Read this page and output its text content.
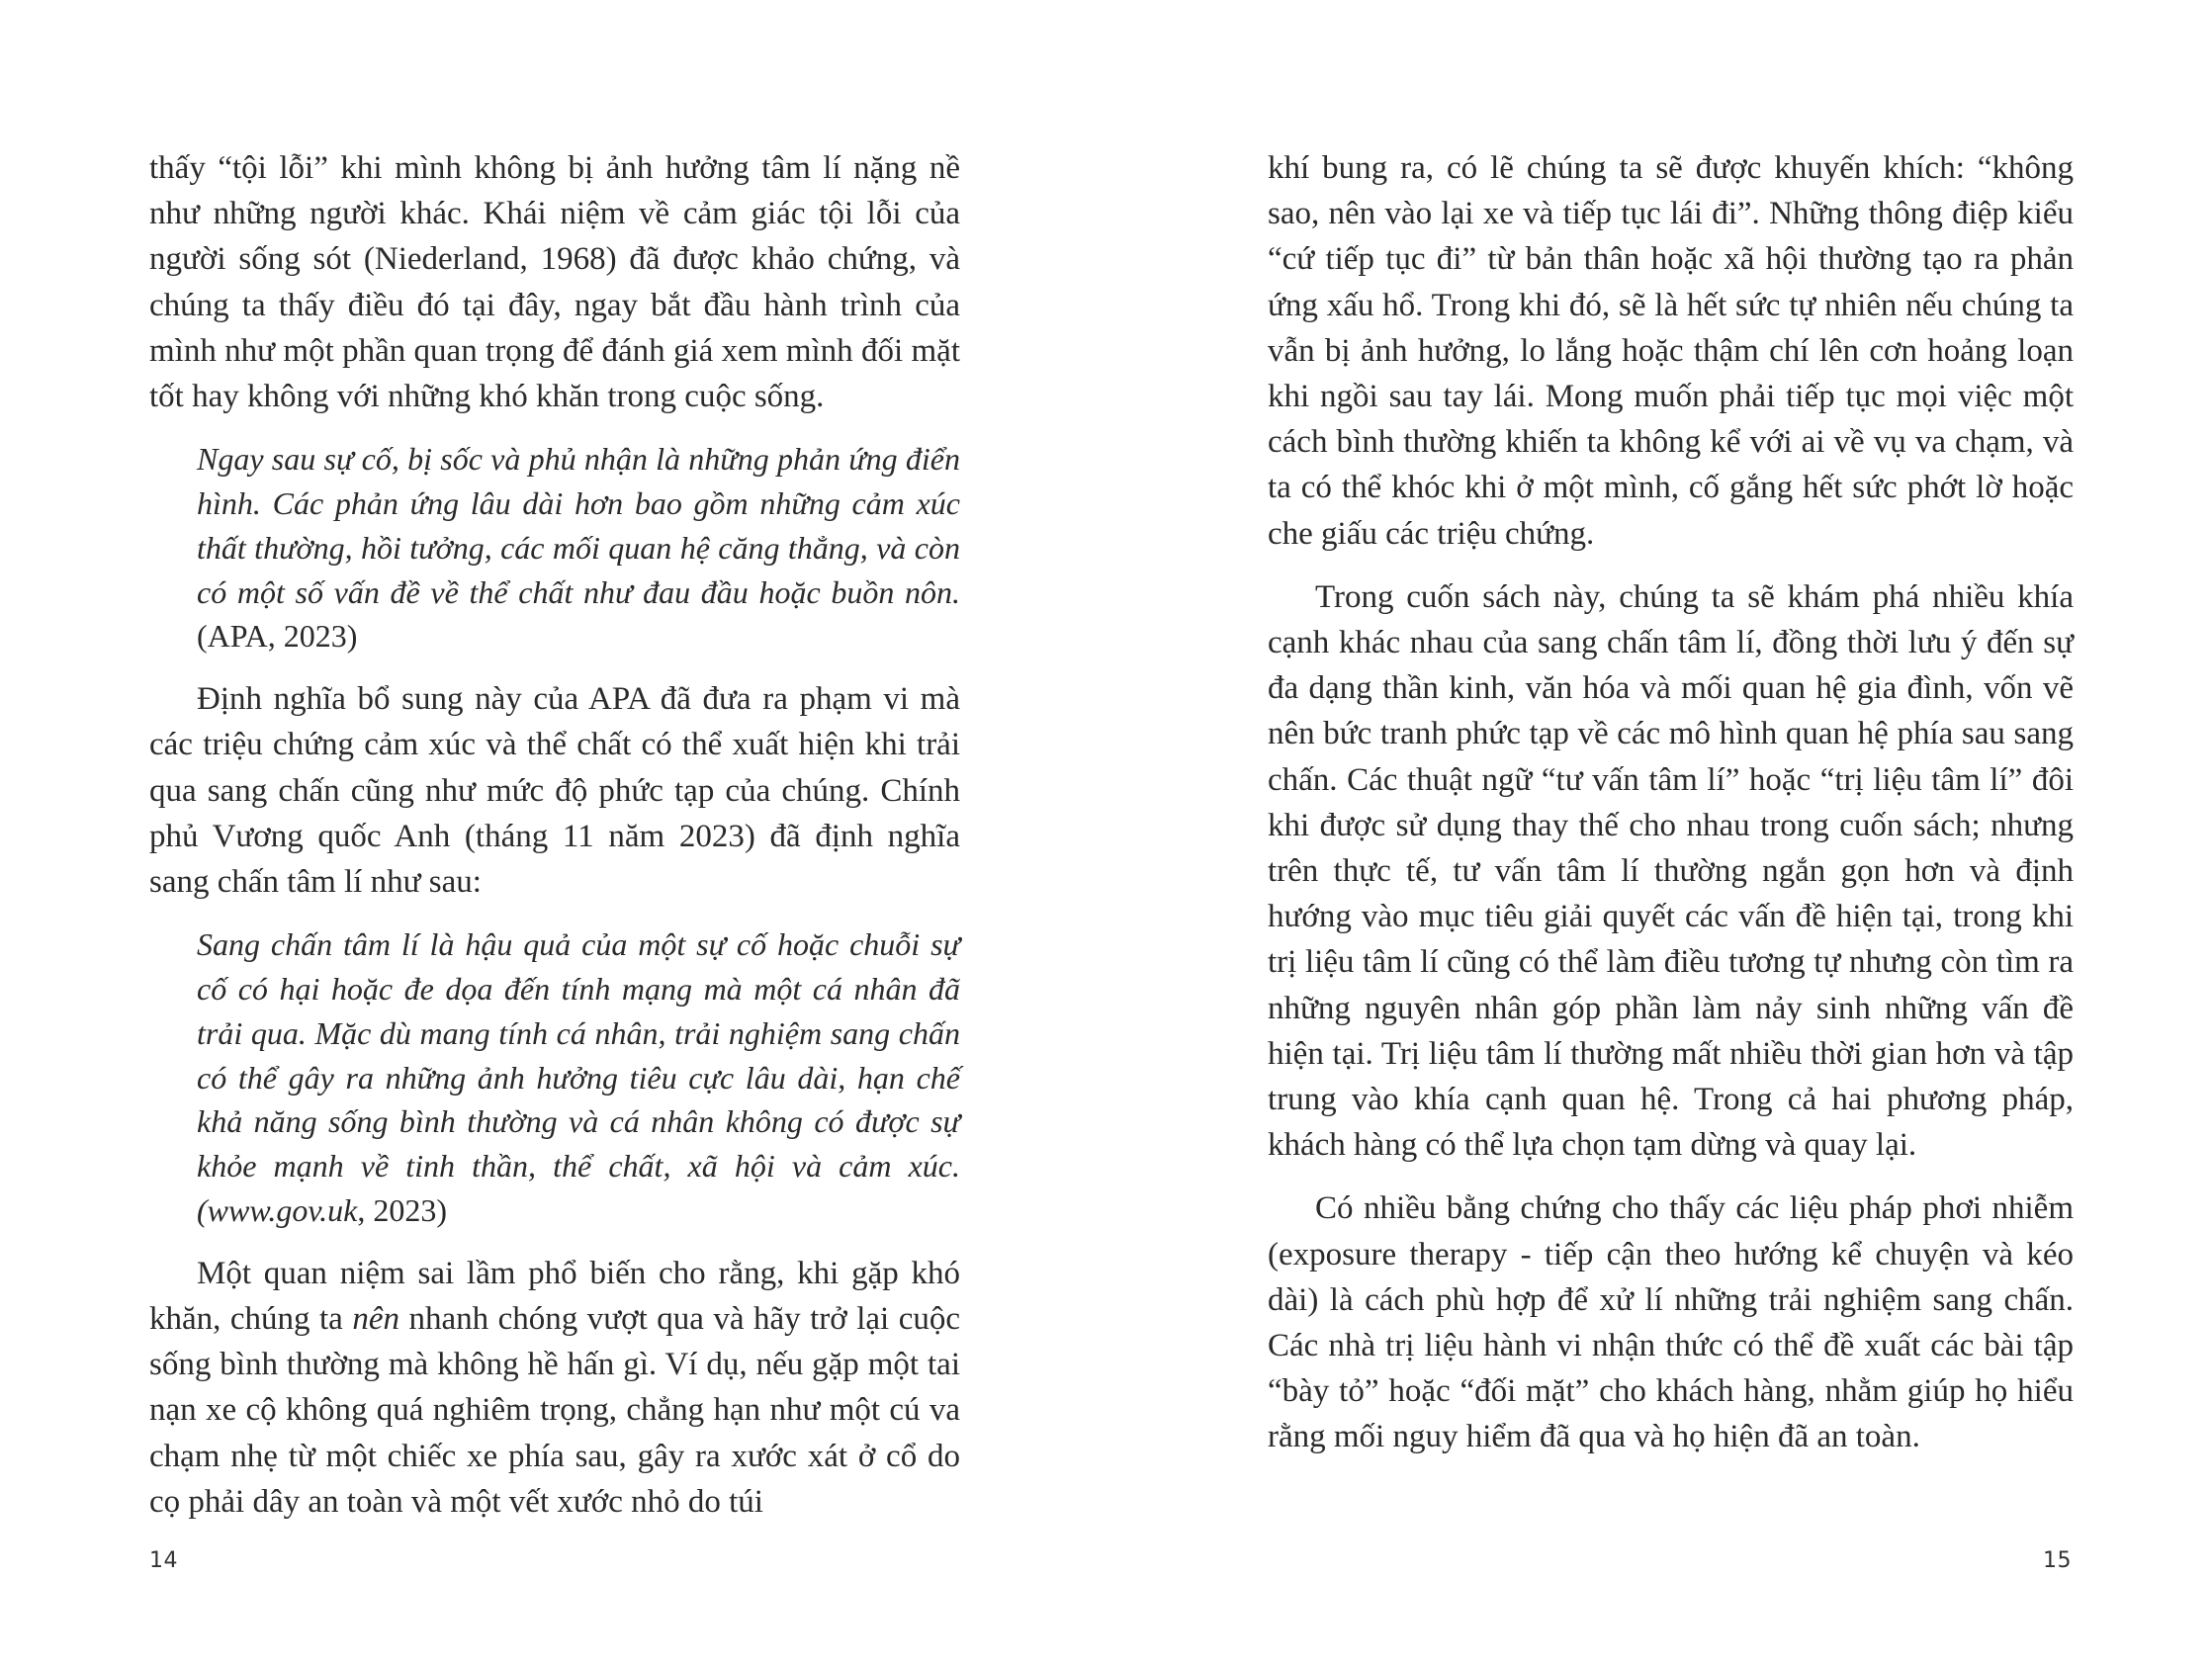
thấy “tội lỗi” khi mình không bị ảnh hưởng tâm lí nặng nề như những người khác. Khái niệm về cảm giác tội lỗi của người sống sót (Niederland, 1968) đã được khảo chứng, và chúng ta thấy điều đó tại đây, ngay bắt đầu hành trình của mình như một phần quan trọng để đánh giá xem mình đối mặt tốt hay không với những khó khăn trong cuộc sống.

Ngay sau sự cố, bị sốc và phủ nhận là những phản ứng điển hình. Các phản ứng lâu dài hơn bao gồm những cảm xúc thất thường, hồi tưởng, các mối quan hệ căng thẳng, và còn có một số vấn đề về thể chất như đau đầu hoặc buồn nôn. (APA, 2023)

Định nghĩa bổ sung này của APA đã đưa ra phạm vi mà các triệu chứng cảm xúc và thể chất có thể xuất hiện khi trải qua sang chấn cũng như mức độ phức tạp của chúng. Chính phủ Vương quốc Anh (tháng 11 năm 2023) đã định nghĩa sang chấn tâm lí như sau:

Sang chấn tâm lí là hậu quả của một sự cố hoặc chuỗi sự cố có hại hoặc đe dọa đến tính mạng mà một cá nhân đã trải qua. Mặc dù mang tính cá nhân, trải nghiệm sang chấn có thể gây ra những ảnh hưởng tiêu cực lâu dài, hạn chế khả năng sống bình thường và cá nhân không có được sự khỏe mạnh về tinh thần, thể chất, xã hội và cảm xúc. (www.gov.uk, 2023)

Một quan niệm sai lầm phổ biến cho rằng, khi gặp khó khăn, chúng ta nên nhanh chóng vượt qua và hãy trở lại cuộc sống bình thường mà không hề hấn gì. Ví dụ, nếu gặp một tai nạn xe cộ không quá nghiêm trọng, chẳng hạn như một cú va chạm nhẹ từ một chiếc xe phía sau, gây ra xước xát ở cổ do cọ phải dây an toàn và một vết xước nhỏ do túi

khí bung ra, có lẽ chúng ta sẽ được khuyến khích: “không sao, nên vào lại xe và tiếp tục lái đi”. Những thông điệp kiểu “cứ tiếp tục đi” từ bản thân hoặc xã hội thường tạo ra phản ứng xấu hổ. Trong khi đó, sẽ là hết sức tự nhiên nếu chúng ta vẫn bị ảnh hưởng, lo lắng hoặc thậm chí lên cơn hoảng loạn khi ngồi sau tay lái. Mong muốn phải tiếp tục mọi việc một cách bình thường khiến ta không kể với ai về vụ va chạm, và ta có thể khóc khi ở một mình, cố gắng hết sức phớt lờ hoặc che giấu các triệu chứng.

Trong cuốn sách này, chúng ta sẽ khám phá nhiều khía cạnh khác nhau của sang chấn tâm lí, đồng thời lưu ý đến sự đa dạng thần kinh, văn hóa và mối quan hệ gia đình, vốn vẽ nên bức tranh phức tạp về các mô hình quan hệ phía sau sang chấn. Các thuật ngữ “tư vấn tâm lí” hoặc “trị liệu tâm lí” đôi khi được sử dụng thay thế cho nhau trong cuốn sách; nhưng trên thực tế, tư vấn tâm lí thường ngắn gọn hơn và định hướng vào mục tiêu giải quyết các vấn đề hiện tại, trong khi trị liệu tâm lí cũng có thể làm điều tương tự nhưng còn tìm ra những nguyên nhân góp phần làm nảy sinh những vấn đề hiện tại. Trị liệu tâm lí thường mất nhiều thời gian hơn và tập trung vào khía cạnh quan hệ. Trong cả hai phương pháp, khách hàng có thể lựa chọn tạm dừng và quay lại.

Có nhiều bằng chứng cho thấy các liệu pháp phơi nhiễm (exposure therapy - tiếp cận theo hướng kể chuyện và kéo dài) là cách phù hợp để xử lí những trải nghiệm sang chấn. Các nhà trị liệu hành vi nhận thức có thể đề xuất các bài tập “bày tỏ” hoặc “đối mặt” cho khách hàng, nhằm giúp họ hiểu rằng mối nguy hiểm đã qua và họ hiện đã an toàn.

14	15
